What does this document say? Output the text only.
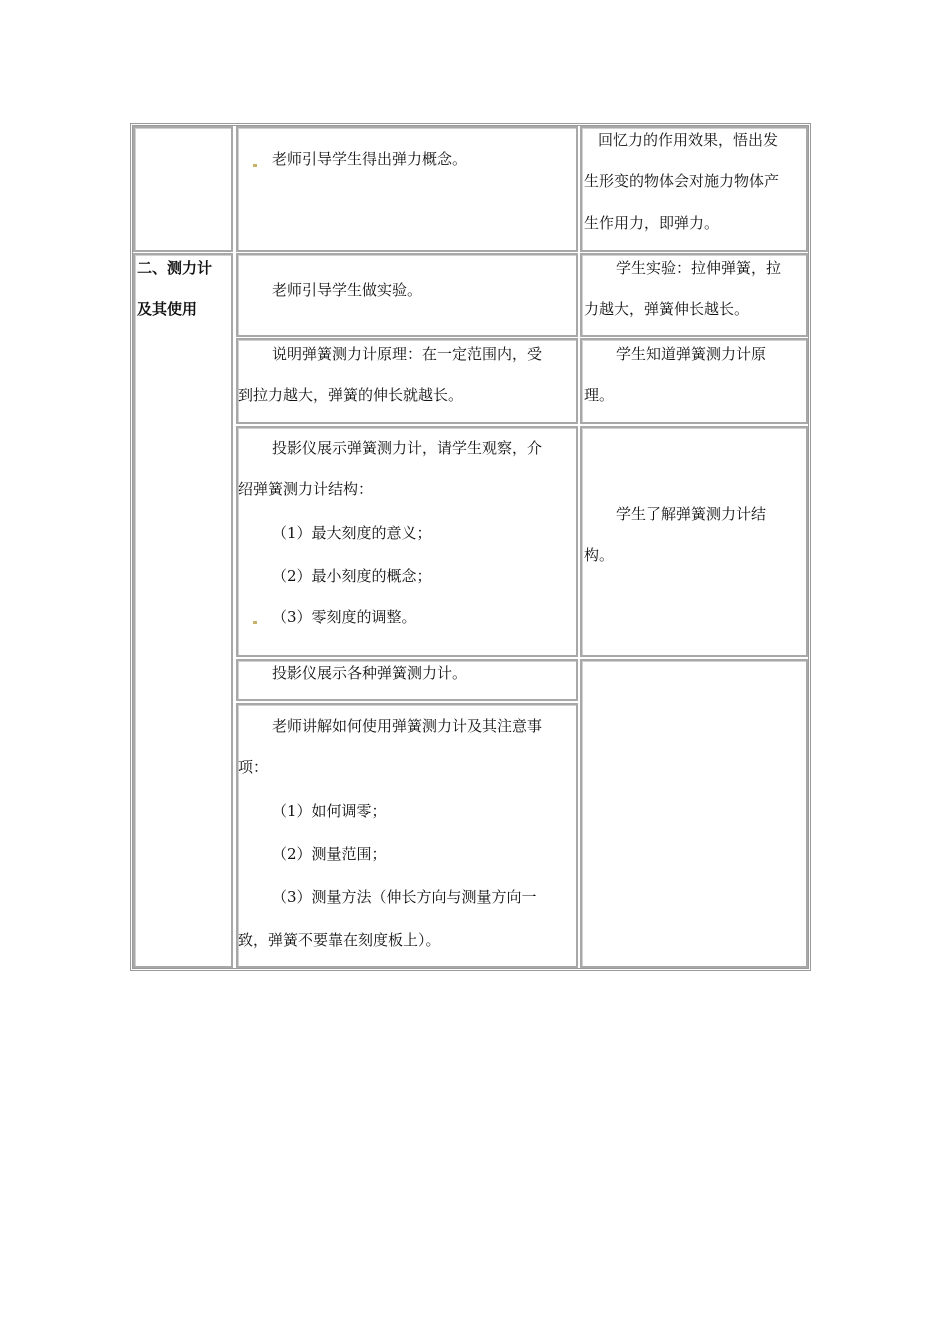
二、测力计
及其使用
老师引导学生得出弹力概念。
回忆力的作用效果，悟出发
生形变的物体会对施力物体产
生作用力，即弹力。
老师引导学生做实验。
学生实验：拉伸弹簧，拉
力越大，弹簧伸长越长。
说明弹簧测力计原理：在一定范围内，受
到拉力越大，弹簧的伸长就越长。
学生知道弹簧测力计原
理。
投影仪展示弹簧测力计，请学生观察，介
绍弹簧测力计结构：
（1）最大刻度的意义；
（2）最小刻度的概念；
（3）零刻度的调整。
学生了解弹簧测力计结
构。
投影仪展示各种弹簧测力计。
老师讲解如何使用弹簧测力计及其注意事
项：
（1）如何调零；
（2）测量范围；
（3）测量方法（伸长方向与测量方向一
致，弹簧不要靠在刻度板上）。
